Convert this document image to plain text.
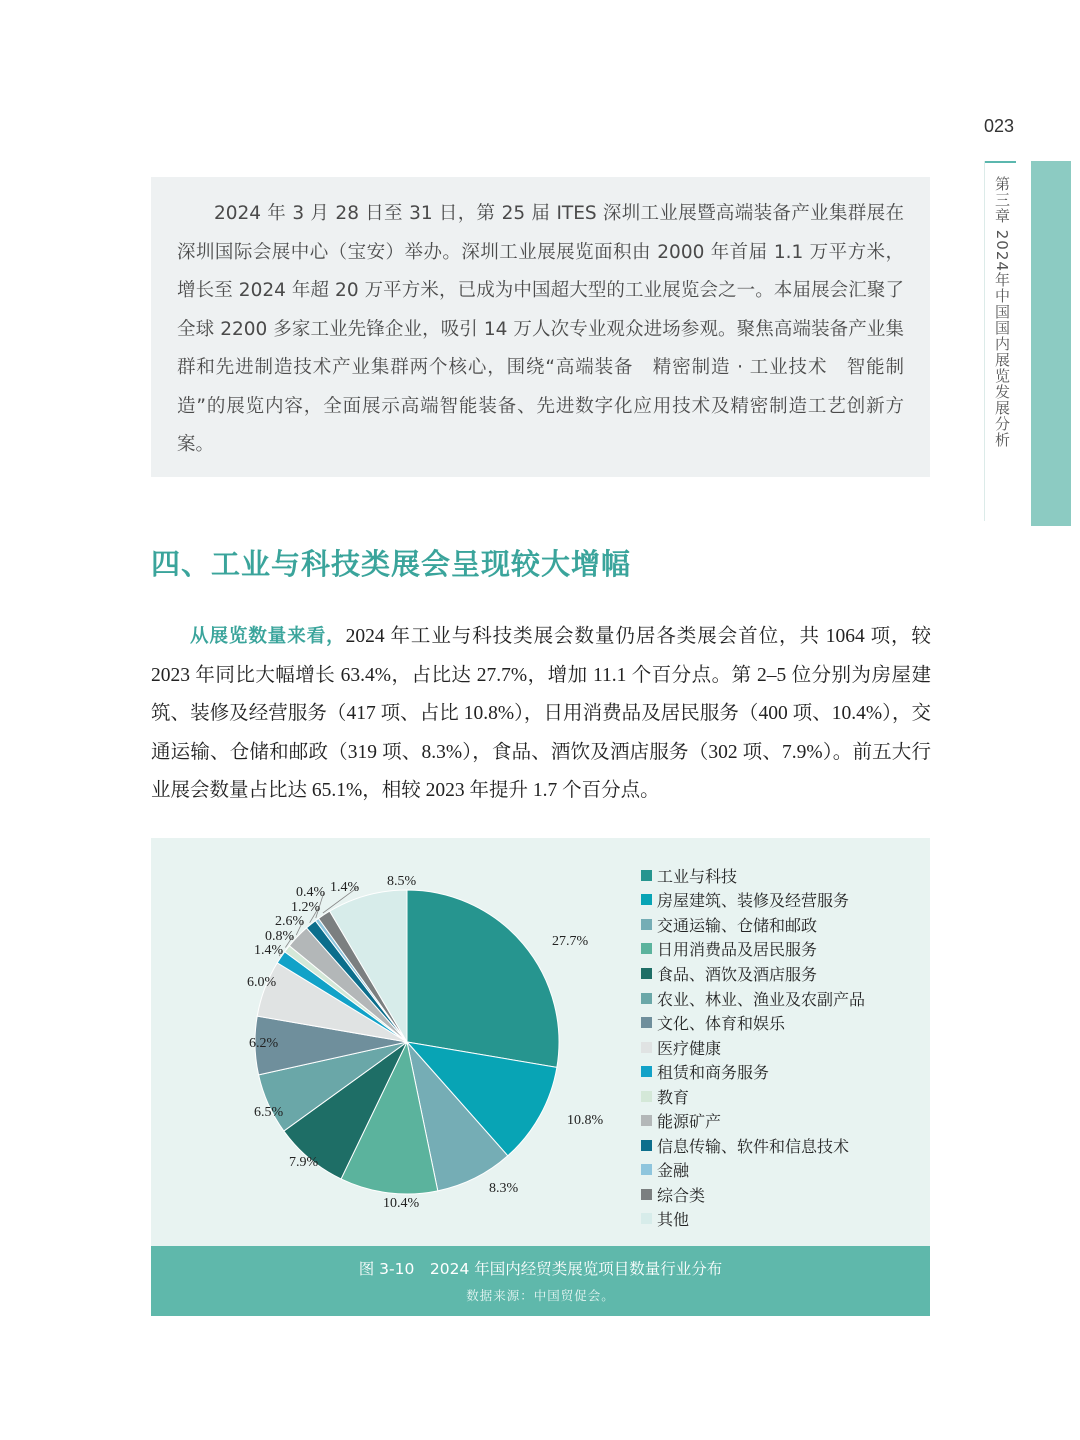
023
第三章 2024年中国国内展览发展分析

2024 年 3 月 28 日至 31 日，第 25 届 ITES 深圳工业展暨高端装备产业集群展在深圳国际会展中心（宝安）举办。深圳工业展展览面积由 2000 年首届 1.1 万平方米，增长至 2024 年超 20 万平方米，已成为中国超大型的工业展览会之一。本届展会汇聚了全球 2200 多家工业先锋企业，吸引 14 万人次专业观众进场参观。聚焦高端装备产业集群和先进制造技术产业集群两个核心，围绕“高端装备　精密制造 · 工业技术　智能制造”的展览内容，全面展示高端智能装备、先进数字化应用技术及精密制造工艺创新方案。

四、工业与科技类展会呈现较大增幅

从展览数量来看，2024 年工业与科技类展会数量仍居各类展会首位，共 1064 项，较 2023 年同比大幅增长 63.4%，占比达 27.7%，增加 11.1 个百分点。第 2–5 位分别为房屋建筑、装修及经营服务（417 项、占比 10.8%），日用消费品及居民服务（400 项、10.4%），交通运输、仓储和邮政（319 项、8.3%），食品、酒饮及酒店服务（302 项、7.9%）。前五大行业展会数量占比达 65.1%，相较 2023 年提升 1.7 个百分点。

27.7%
10.8%
8.3%
10.4%
7.9%
6.5%
6.2%
6.0%
1.4%
0.8%
2.6%
1.2%
0.4% 1.4% 8.5%	工业与科技
房屋建筑、装修及经营服务
交通运输、仓储和邮政
日用消费品及居民服务
食品、酒饮及酒店服务
农业、林业、渔业及农副产品
文化、体育和娱乐
医疗健康
租赁和商务服务
教育
能源矿产
信息传输、软件和信息技术
金融
综合类
其他
图 3-10　2024 年国内经贸类展览项目数量行业分布
数据来源：中国贸促会。
